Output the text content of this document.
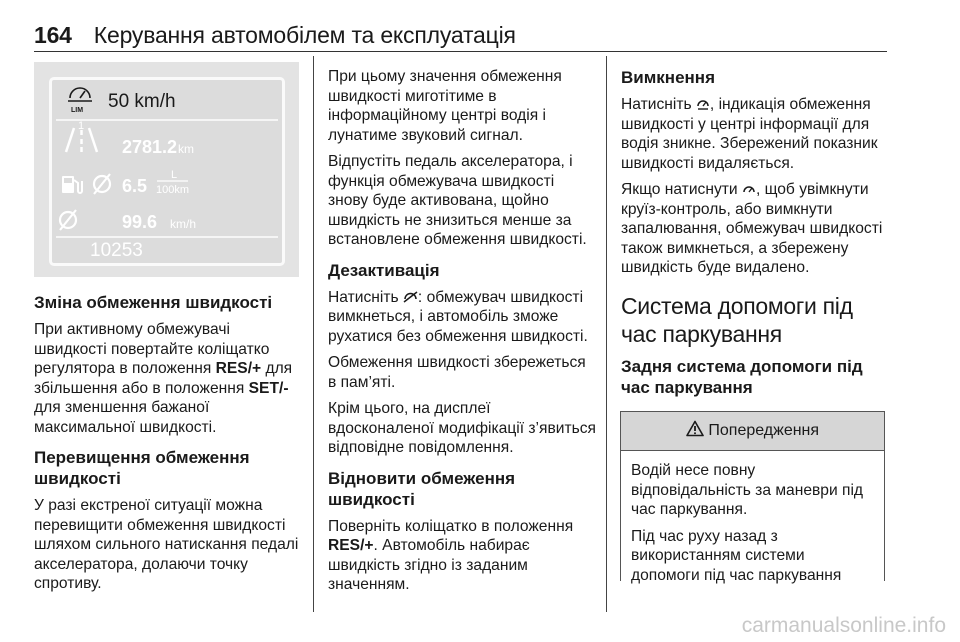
164 Керування автомобілем та експлуатація
LIM 50 km/h
1
2781.2 km
6.5
L
100km
99.6 km/h
10253
Зміна обмеження швидкості

При активному обмежувачі швидкості повертайте коліщатко регулятора в положення RES/+ для збільшення або в положення SET/- для зменшення бажаної максимальної швидкості.

Перевищення обмеження швидкості

У разі екстреної ситуації можна перевищити обмеження швидкості шляхом сильного натискання педалі акселератора, долаючи точку спротиву.

При цьому значення обмеження швидкості миготітиме в інформаційному центрі водія і лунатиме звуковий сигнал.

Відпустіть педаль акселератора, і функція обмежувача швидкості знову буде активована, щойно швидкість не знизиться менше за встановлене обмеження швидкості.

Дезактивація

Натисніть : обмежувач швидкості вимкнеться, і автомобіль зможе рухатися без обмеження швидкості.

Обмеження швидкості збережеться в пам’яті.

Крім цього, на дисплеї вдосконаленої модифікації з’явиться відповідне повідомлення.

Відновити обмеження швидкості

Поверніть коліщатко в положення RES/+. Автомобіль набирає швидкість згідно із заданим значенням.

Вимкнення

Натисніть , індикація обмеження швидкості у центрі інформації для водія зникне. Збережений показник швидкості видаляється.

Якщо натиснути , щоб увімкнути круїз-контроль, або вимкнути запалювання, обмежувач швидкості також вимкнеться, а збережену швидкість буде видалено.

Система допомоги під час паркування
Задня система допомоги під час паркування
Попередження

Водій несе повну відповідальність за маневри під час паркування.

Під час руху назад з використанням системи допомоги під час паркування

carmanualsonline.info
